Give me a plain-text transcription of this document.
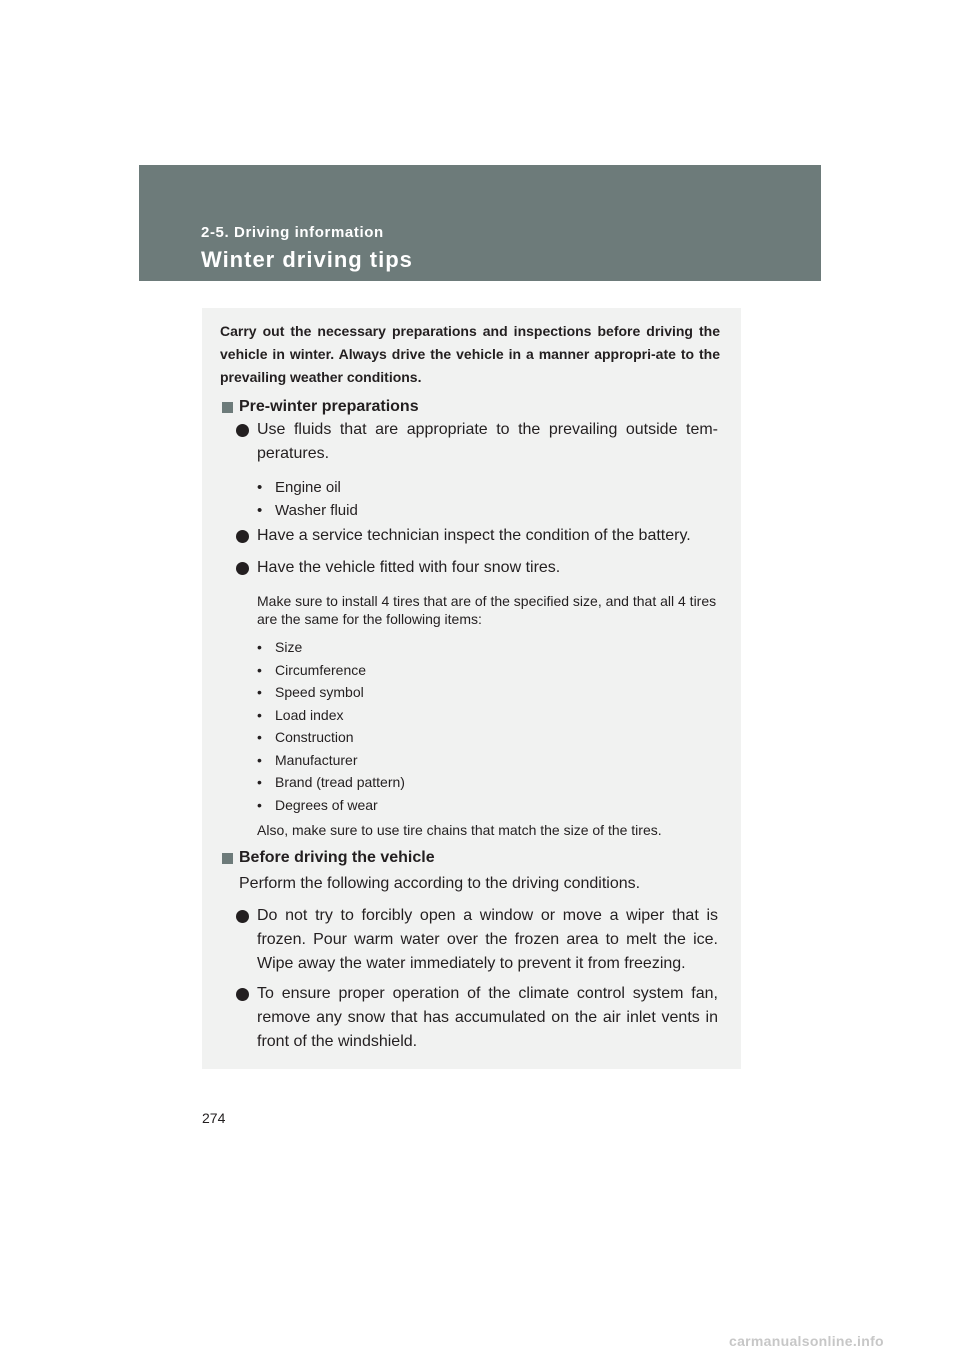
2-5. Driving information
Winter driving tips
Carry out the necessary preparations and inspections before driving the vehicle in winter. Always drive the vehicle in a manner appropri-ate to the prevailing weather conditions.
Pre-winter preparations
Use fluids that are appropriate to the prevailing outside tem-peratures.
• Engine oil
• Washer fluid
Have a service technician inspect the condition of the battery.
Have the vehicle fitted with four snow tires.
Make sure to install 4 tires that are of the specified size, and that all 4 tires are the same for the following items:
• Size
• Circumference
• Speed symbol
• Load index
• Construction
• Manufacturer
• Brand (tread pattern)
• Degrees of wear
Also, make sure to use tire chains that match the size of the tires.
Before driving the vehicle
Perform the following according to the driving conditions.
Do not try to forcibly open a window or move a wiper that is frozen. Pour warm water over the frozen area to melt the ice. Wipe away the water immediately to prevent it from freezing.
To ensure proper operation of the climate control system fan, remove any snow that has accumulated on the air inlet vents in front of the windshield.
274
carmanualsonline.info
